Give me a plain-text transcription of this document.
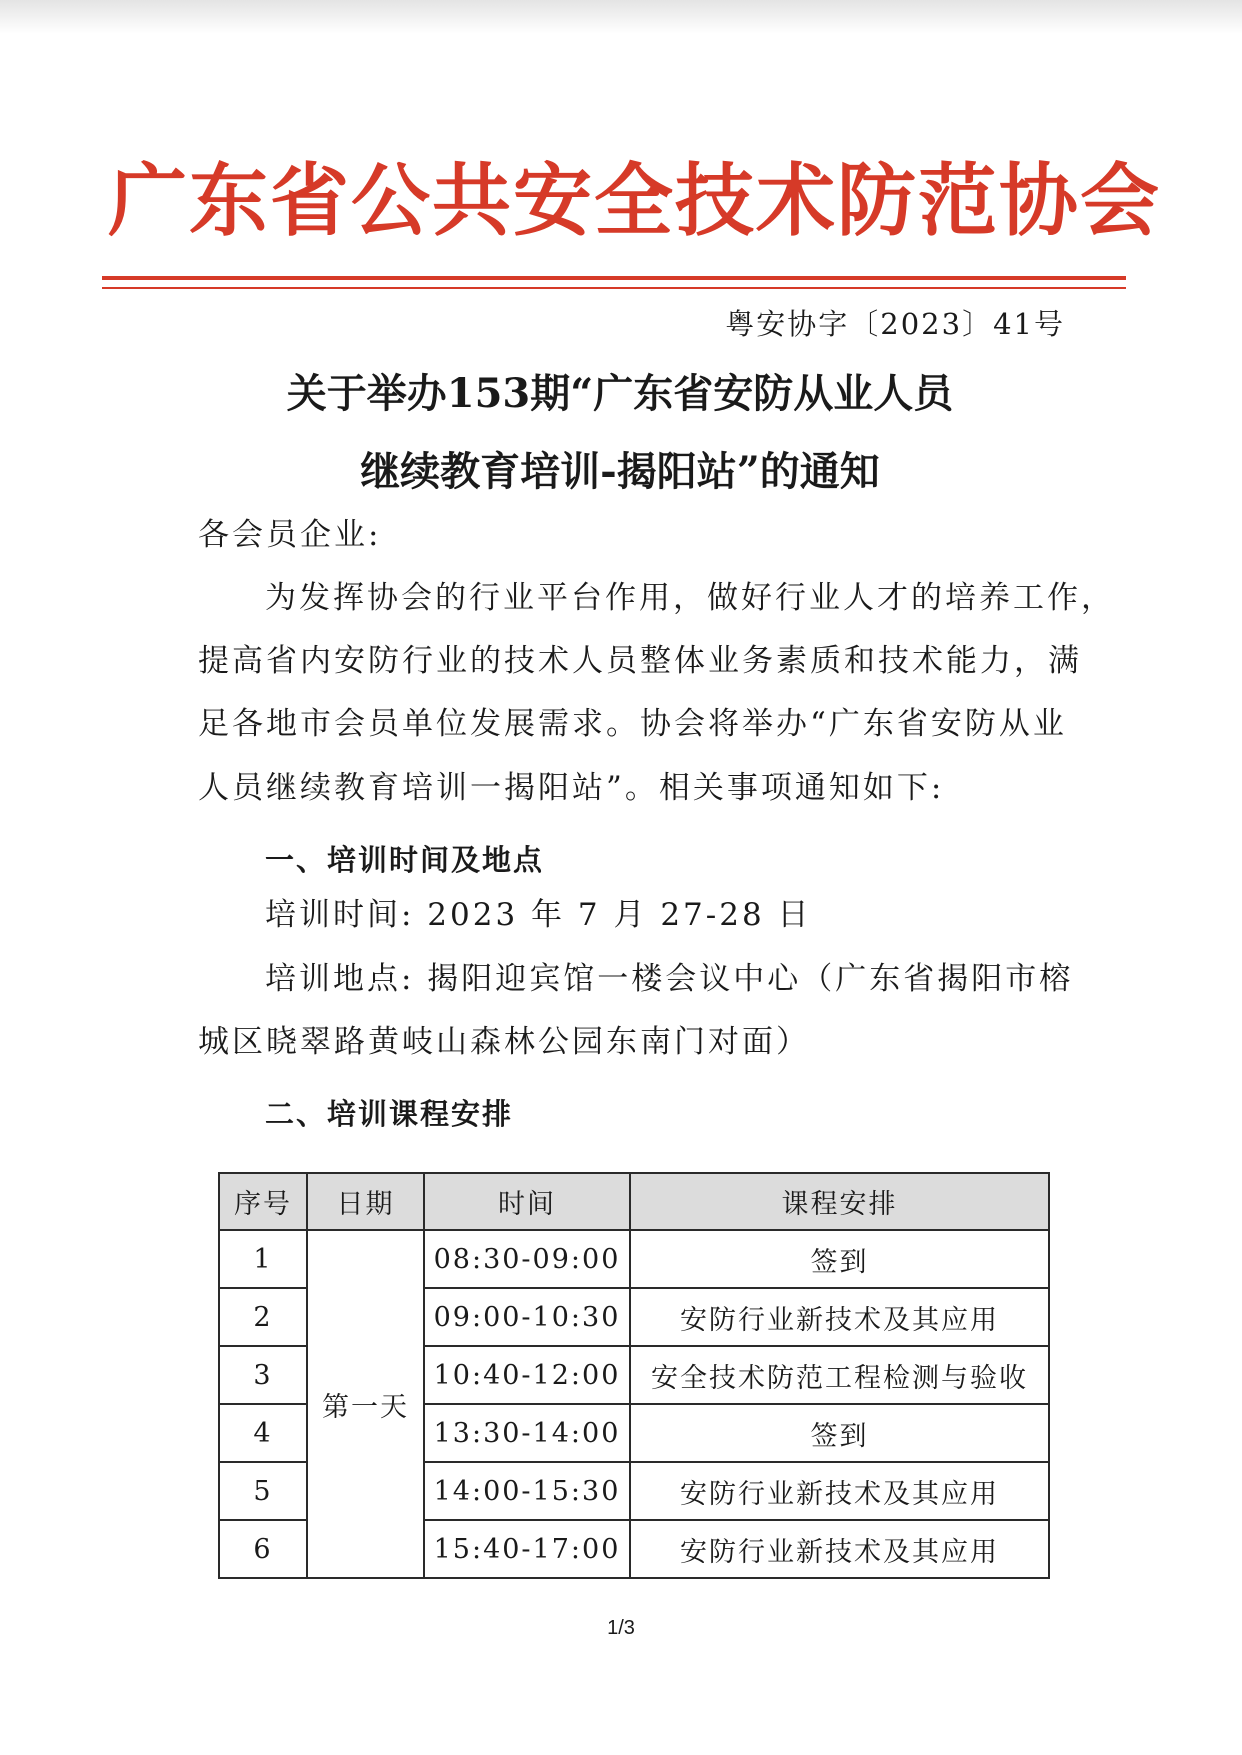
广东省公共安全技术防范协会
粤安协字〔2023〕41号
关于举办153期“广东省安防从业人员
继续教育培训-揭阳站”的通知
各会员企业:
为发挥协会的行业平台作用，做好行业人才的培养工作，
提高省内安防行业的技术人员整体业务素质和技术能力，满
足各地市会员单位发展需求。协会将举办“广东省安防从业
人员继续教育培训一揭阳站”。相关事项通知如下:
一、培训时间及地点
培训时间: 2023 年 7 月 27-28 日
培训地点: 揭阳迎宾馆一楼会议中心（广东省揭阳市榕
城区晓翠路黄岐山森林公园东南门对面）
二、培训课程安排
序号	日期	时间	课程安排
1	第一天	08:30-09:00	签到
2		09:00-10:30	安防行业新技术及其应用
3		10:40-12:00	安全技术防范工程检测与验收
4		13:30-14:00	签到
5		14:00-15:30	安防行业新技术及其应用
6		15:40-17:00	安防行业新技术及其应用
1/3
